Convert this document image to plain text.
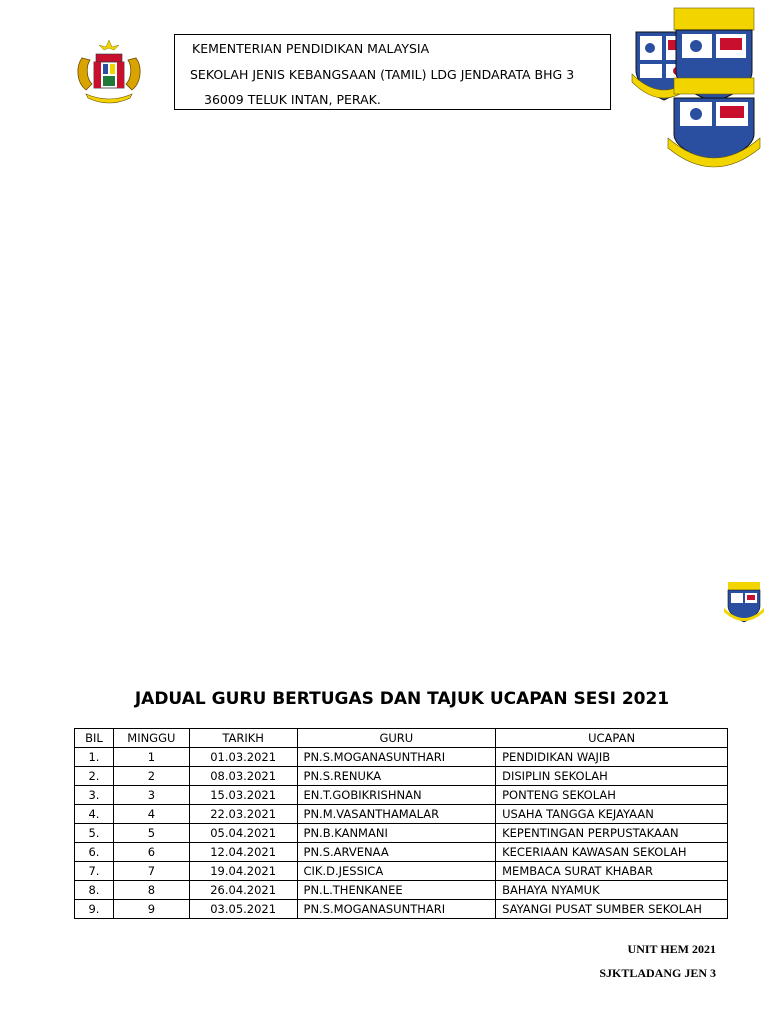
KEMENTERIAN PENDIDIKAN MALAYSIA
SEKOLAH JENIS KEBANGSAAN (TAMIL) LDG JENDARATA BHG 3
36009 TELUK INTAN, PERAK.
JADUAL GURU BERTUGAS DAN TAJUK UCAPAN SESI 2021
BIL	MINGGU	TARIKH	GURU	UCAPAN
1.	1	01.03.2021	PN.S.MOGANASUNTHARI	PENDIDIKAN WAJIB
2.	2	08.03.2021	PN.S.RENUKA	DISIPLIN SEKOLAH
3.	3	15.03.2021	EN.T.GOBIKRISHNAN	PONTENG SEKOLAH
4.	4	22.03.2021	PN.M.VASANTHAMALAR	USAHA TANGGA KEJAYAAN
5.	5	05.04.2021	PN.B.KANMANI	KEPENTINGAN PERPUSTAKAAN
6.	6	12.04.2021	PN.S.ARVENAA	KECERIAAN KAWASAN SEKOLAH
7.	7	19.04.2021	CIK.D.JESSICA	MEMBACA SURAT KHABAR
8.	8	26.04.2021	PN.L.THENKANEE	BAHAYA NYAMUK
9.	9	03.05.2021	PN.S.MOGANASUNTHARI	SAYANGI PUSAT SUMBER SEKOLAH
UNIT HEM 2021
SJKTLADANG JEN 3
